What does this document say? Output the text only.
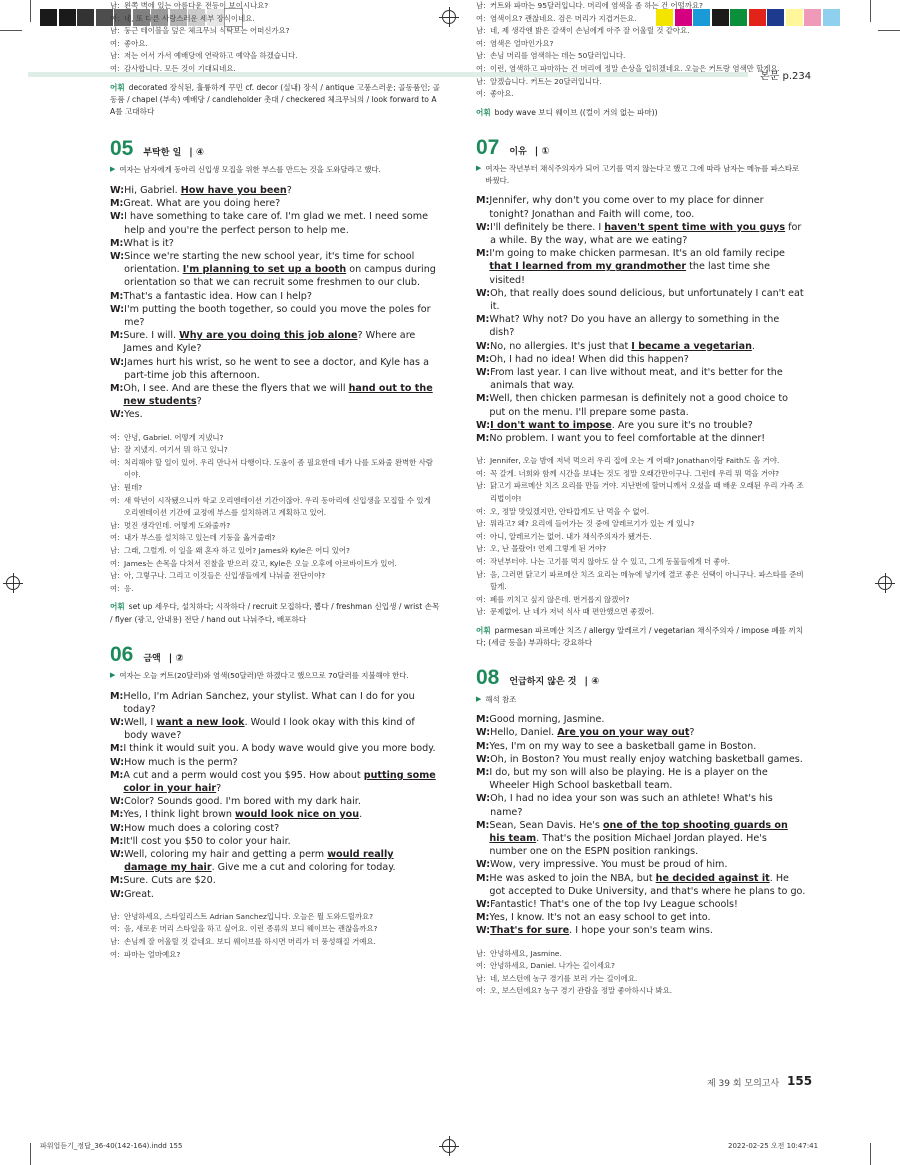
본문 p.234
남: 왼쪽 벽에 있는 아름다운 전등이 보이시나요?
여: 네, 또 다른 사랑스러운 세부 장식이네요.
남: 둥근 테이블을 덮은 체크무늬 식탁보는 어떠신가요?
여: 좋아요.
남: 저는 어서 가서 예배당에 연락하고 예약을 하겠습니다.
여: 감사합니다. 모든 것이 기대되네요.
어휘 decorated 장식된, 훌륭하게 꾸민 cf. decor (실내) 장식 / antique 고풍스러운; 골동품인; 골동품 / chapel (부속) 예배당 / candleholder 촛대 / checkered 체크무늬의 / look forward to A A를 고대하다
05 부탁한 일 | ④
▶ 여자는 남자에게 동아리 신입생 모집을 위한 부스를 만드는 것을 도와달라고 했다.
W: Hi, Gabriel. How have you been?
M: Great. What are you doing here?
W: I have something to take care of. I'm glad we met. I need some help and you're the perfect person to help me.
M: What is it?
W: Since we're starting the new school year, it's time for school orientation. I'm planning to set up a booth on campus during orientation so that we can recruit some freshmen to our club.
M: That's a fantastic idea. How can I help?
W: I'm putting the booth together, so could you move the poles for me?
M: Sure. I will. Why are you doing this job alone? Where are James and Kyle?
W: James hurt his wrist, so he went to see a doctor, and Kyle has a part-time job this afternoon.
M: Oh, I see. And are these the flyers that we will hand out to the new students?
W: Yes.
여: 안녕, Gabriel. 어떻게 지냈니?
남: 잘 지냈지. 여기서 뭐 하고 있니?
여: 처리해야 할 일이 있어. 우리 만나서 다행이다. 도움이 좀 필요한데 네가 나를 도와줄 완벽한 사람이야.
남: 뭔데?
여: 새 학년이 시작됐으니까 학교 오리엔테이션 기간이잖아. 우리 동아리에 신입생을 모집할 수 있게 오리엔테이션 기간에 교정에 부스를 설치하려고 계획하고 있어.
남: 멋진 생각인데. 어떻게 도와줄까?
여: 내가 부스를 설치하고 있는데 기둥을 옮겨줄래?
남: 그래, 그럴게. 이 일을 왜 혼자 하고 있어? James와 Kyle은 어디 있어?
여: James는 손목을 다쳐서 진찰을 받으러 갔고, Kyle은 오늘 오후에 아르바이트가 있어.
남: 아, 그렇구나. 그리고 이것들은 신입생들에게 나눠줄 전단이야?
여: 응.
어휘 set up 세우다, 설치하다; 시작하다 / recruit 모집하다, 뽑다 / freshman 신입생 / wrist 손목 / flyer (광고, 안내용) 전단 / hand out 나눠주다, 배포하다
06 금액 | ②
▶ 여자는 오늘 커트(20달러)와 염색(50달러)만 하겠다고 했으므로 70달러를 지불해야 한다.
M: Hello, I'm Adrian Sanchez, your stylist. What can I do for you today?
W: Well, I want a new look. Would I look okay with this kind of body wave?
M: I think it would suit you. A body wave would give you more body.
W: How much is the perm?
M: A cut and a perm would cost you $95. How about putting some color in your hair?
W: Color? Sounds good. I'm bored with my dark hair.
M: Yes, I think light brown would look nice on you.
W: How much does a coloring cost?
M: It'll cost you $50 to color your hair.
W: Well, coloring my hair and getting a perm would really damage my hair. Give me a cut and coloring for today.
M: Sure. Cuts are $20.
W: Great.
남: 안녕하세요, 스타일리스트 Adrian Sanchez입니다. 오늘은 뭘 도와드릴까요?
여: 음, 새로운 머리 스타일을 하고 싶어요. 이런 종류의 보디 웨이브는 괜찮을까요?
남: 손님께 잘 어울릴 것 같네요. 보디 웨이브를 하시면 머리가 더 풍성해질 거예요.
여: 파마는 얼마예요?
남: 커트와 파마는 95달러입니다. 머리에 염색을 좀 하는 건 어떨까요?
여: 염색이요? 괜찮네요. 검은 머리가 지겹거든요.
남: 네, 제 생각엔 밝은 갈색이 손님에게 아주 잘 어울릴 것 같아요.
여: 염색은 얼마인가요?
남: 손님 머리를 염색하는 데는 50달러입니다.
여: 이런, 염색하고 파마하는 건 머리에 정말 손상을 입히겠네요. 오늘은 커트랑 염색만 할게요.
남: 알겠습니다. 커트는 20달러입니다.
여: 좋아요.
어휘 body wave 보디 웨이브 ((컬이 거의 없는 파마))
07 이유 | ①
▶ 여자는 작년부터 채식주의자가 되어 고기를 먹지 않는다고 했고 그에 따라 남자는 메뉴를 파스타로 바꿨다.
M: Jennifer, why don't you come over to my place for dinner tonight? Jonathan and Faith will come, too.
W: I'll definitely be there. I haven't spent time with you guys for a while. By the way, what are we eating?
M: I'm going to make chicken parmesan. It's an old family recipe that I learned from my grandmother the last time she visited!
W: Oh, that really does sound delicious, but unfortunately I can't eat it.
M: What? Why not? Do you have an allergy to something in the dish?
W: No, no allergies. It's just that I became a vegetarian.
M: Oh, I had no idea! When did this happen?
W: From last year. I can live without meat, and it's better for the animals that way.
M: Well, then chicken parmesan is definitely not a good choice to put on the menu. I'll prepare some pasta.
W: I don't want to impose. Are you sure it's no trouble?
M: No problem. I want you to feel comfortable at the dinner!
남: Jennifer, 오늘 밤에 저녁 먹으러 우리 집에 오는 게 어때? Jonathan이랑 Faith도 올 거야.
여: 꼭 갈게. 너희와 함께 시간을 보내는 것도 정말 오래간만이구나. 그런데 우리 뭐 먹을 거야?
남: 닭고기 파르메산 치즈 요리를 만들 거야. 지난번에 할머니께서 오셨을 때 배운 오래된 우리 가족 조리법이야!
여: 오, 정말 맛있겠지만, 안타깝게도 난 먹을 수 없어.
남: 뭐라고? 왜? 요리에 들어가는 것 중에 알레르기가 있는 게 있니?
여: 아니, 알레르기는 없어. 내가 채식주의자가 됐거든.
남: 오, 난 몰랐어! 언제 그렇게 된 거야?
여: 작년부터야. 나는 고기를 먹지 않아도 살 수 있고, 그게 동물들에게 더 좋아.
남: 음, 그러면 닭고기 파르메산 치즈 요리는 메뉴에 넣기에 결코 좋은 선택이 아니구나. 파스타를 준비할게.
여: 폐를 끼치고 싶지 않은데. 번거롭지 않겠어?
남: 문제없어. 난 네가 저녁 식사 때 편안했으면 좋겠어.
어휘 parmesan 파르메산 치즈 / allergy 알레르기 / vegetarian 채식주의자 / impose 폐를 끼치다; (세금 등을) 부과하다; 강요하다
08 언급하지 않은 것 | ④
▶ 해석 참조
M: Good morning, Jasmine.
W: Hello, Daniel. Are you on your way out?
M: Yes, I'm on my way to see a basketball game in Boston.
W: Oh, in Boston? You must really enjoy watching basketball games.
M: I do, but my son will also be playing. He is a player on the Wheeler High School basketball team.
W: Oh, I had no idea your son was such an athlete! What's his name?
M: Sean, Sean Davis. He's one of the top shooting guards on his team. That's the position Michael Jordan played. He's number one on the ESPN position rankings.
W: Wow, very impressive. You must be proud of him.
M: He was asked to join the NBA, but he decided against it. He got accepted to Duke University, and that's where he plans to go.
W: Fantastic! That's one of the top Ivy League schools!
M: Yes, I know. It's not an easy school to get into.
W: That's for sure. I hope your son's team wins.
남: 안녕하세요, Jasmine.
여: 안녕하세요, Daniel. 나가는 길이세요?
남: 네, 보스턴에 농구 경기를 보러 가는 길이에요.
여: 오, 보스턴에요? 농구 경기 관람을 정말 좋아하시나 봐요.
제 39 회 모의고사 155
파워업듣기_정답_36-40(142-164).indd 155	2022-02-25 오전 10:47:41
